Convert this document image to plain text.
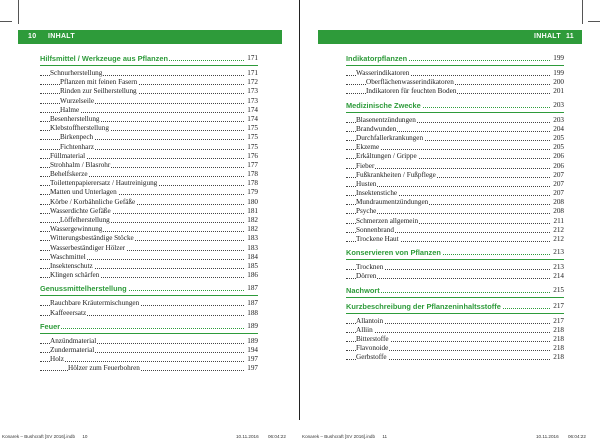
10 INHALT
Hilfsmittel / Werkzeuge aus Pflanzen	171
Schnurherstellung	171
Pflanzen mit feinen Fasern	172
Rinden zur Seilherstellung	173
Wurzelseile	173
Halme	174
Besenherstellung	174
Klebstoffherstellung	175
Birkenpech	175
Fichtenharz	175
Füllmaterial	176
Strohhalm / Blasrohr	177
Behelfskerze	178
Toilettenpapierersatz / Hautreinigung	178
Matten und Unterlagen	179
Körbe / Korbähnliche Gefäße	180
Wasserdichte Gefäße	181
Löffelherstellung	182
Wassergewinnung	182
Witterungsbeständige Stöcke	183
Wasserbeständiger Hölzer	183
Waschmittel	184
Insektenschutz	185
Klingen schärfen	186
Genussmittelherstellung	187
Rauchbare Kräutermischungen	187
Kaffeeersatz	188
Feuer	189
Anzündmaterial	189
Zundermaterial	194
Holz	197
Hölzer zum Feuerbohren	197
Konarek – Bushcraft [SV 2016].indb 10	10.11.2016 06:04:22
INHALT 11
Indikatorpflanzen	199
Wasserindikatoren	199
Oberflächenwasserindikatoren	200
Indikatoren für feuchten Boden	201
Medizinische Zwecke	203
Blasenentzündungen	203
Brandwunden	204
Durchfallerkrankungen	205
Ekzeme	205
Erkältungen / Grippe	206
Fieber	206
Fußkrankheiten / Fußpflege	207
Husten	207
Insektenstiche	207
Mundraumentzündungen	208
Psyche	208
Schmerzen allgemein	211
Sonnenbrand	212
Trockene Haut	212
Konservieren von Pflanzen	213
Trocknen	213
Dörren	214
Nachwort	215
Kurzbeschreibung der Pflanzeninhaltsstoffe	217
Allantoin	217
Alliin	218
Bitterstoffe	218
Flavonoide	218
Gerbstoffe	218
Konarek – Bushcraft [SV 2016].indb 11	10.11.2016 06:04:22
